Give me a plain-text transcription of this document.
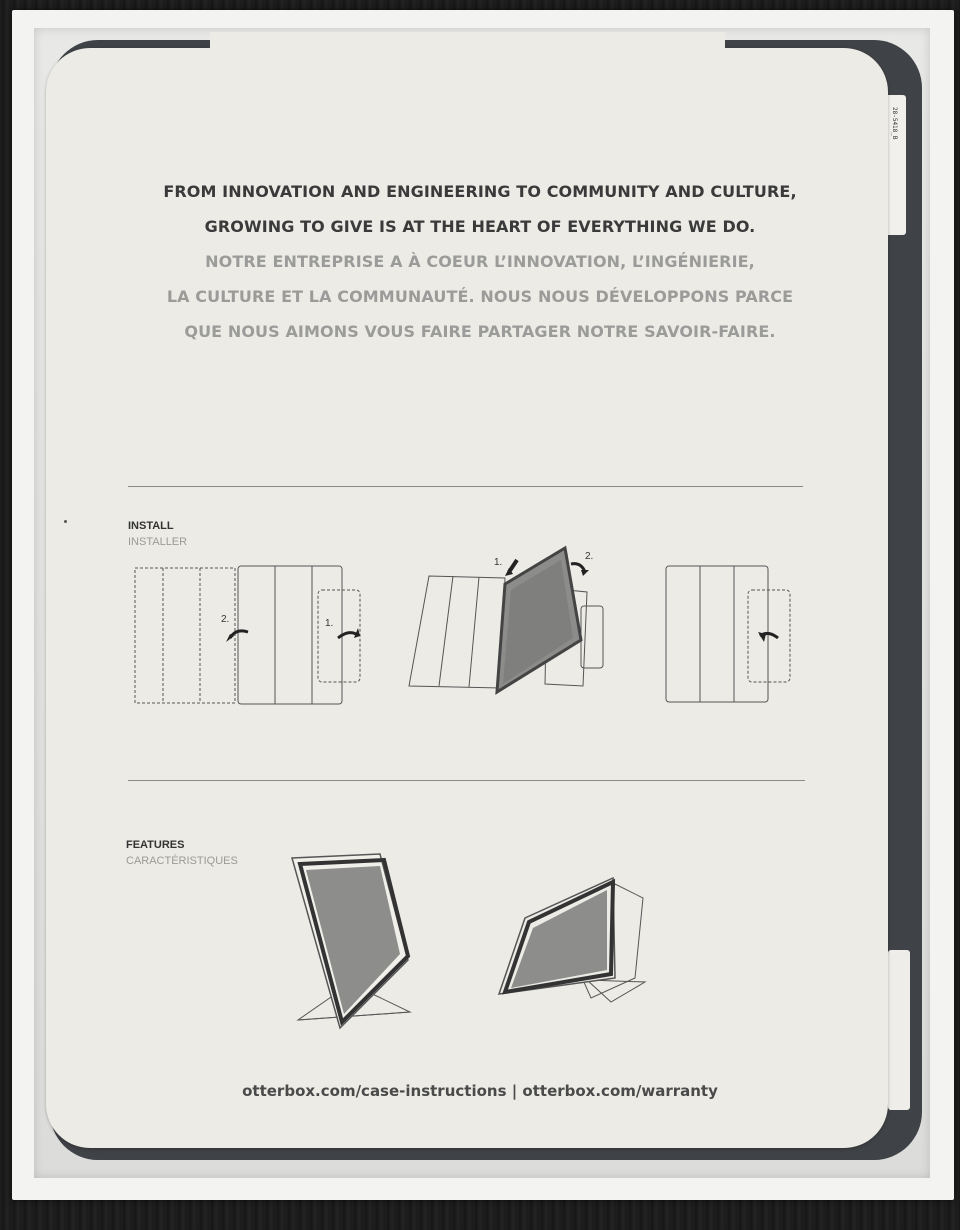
28-5418_B
FROM INNOVATION AND ENGINEERING TO COMMUNITY AND CULTURE,
GROWING TO GIVE IS AT THE HEART OF EVERYTHING WE DO.
NOTRE ENTREPRISE A À COEUR L’INNOVATION, L’INGÉNIERIE,
LA CULTURE ET LA COMMUNAUTÉ. NOUS NOUS DÉVELOPPONS PARCE
QUE NOUS AIMONS VOUS FAIRE PARTAGER NOTRE SAVOIR-FAIRE.
INSTALL
INSTALLER
2.	1.
1.
2.
FEATURES
CARACTÉRISTIQUES
otterbox.com/case-instructions | otterbox.com/warranty
